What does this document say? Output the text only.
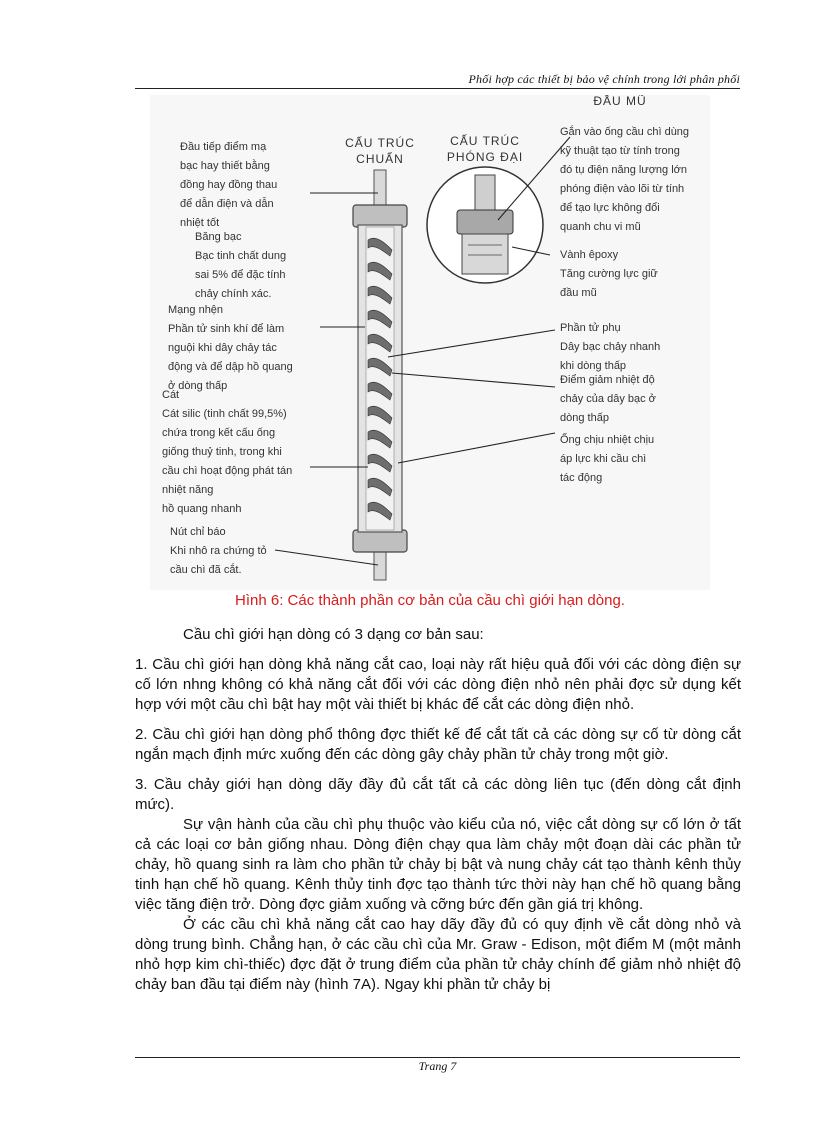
Phối hợp các thiết bị bảo vệ chính trong lới phân phối
CẤU TRÚC
CHUẨN
CẤU TRÚC
PHÓNG ĐẠI
ĐẦU MŨ
Đầu tiếp điểm mạ
bạc hay thiết bằng
đồng hay đồng thau
để dẫn điện và dẫn
nhiệt tốt
Băng bạc
Bạc tinh chất dung
sai 5% để đặc tính
chảy chính xác.
Mạng nhện
Phần tử sinh khí để làm
nguội khi dây chảy tác
động và để dập hồ quang
ở dòng thấp
Cát
Cát silic (tinh chất 99,5%)
chứa trong kết cấu ống
giống thuỷ tinh, trong khi
cầu chì hoạt động phát tán
nhiệt năng
hồ quang nhanh
Nút chỉ báo
Khi nhô ra chứng tỏ
cầu chì đã cắt.
Gắn vào ống cầu chì dùng
kỹ thuật tạo từ tính trong
đó tụ điện năng lượng lớn
phóng điện vào lõi từ tính
để tạo lực không đổi
quanh chu vi mũ
Vành êpoxy
Tăng cường lực giữ
đầu mũ
Phần tử phụ
Dây bạc chảy nhanh
khi dòng thấp
Điểm giảm nhiệt độ
chảy của dây bạc ở
dòng thấp
Ống chịu nhiệt chịu
áp lực khi cầu chì
tác động
Hình 6: Các thành phần cơ bản của cầu chì giới hạn dòng.

Cầu chì giới hạn dòng có 3 dạng cơ bản sau:

1. Cầu chì giới hạn dòng khả năng cắt cao, loại này rất hiệu quả đối với các dòng điện sự cố lớn nhng không có khả năng cắt đối với các dòng điện nhỏ nên phải đợc sử dụng kết hợp với một cầu chì bật hay một vài thiết bị khác để cắt các dòng điện nhỏ.

2. Cầu chì giới hạn dòng phổ thông đợc thiết kế để cắt tất cả các dòng sự cố từ dòng cắt ngắn mạch định mức xuống đến các dòng gây chảy phần tử chảy trong một giờ.

3. Cầu chảy giới hạn dòng dãy đầy đủ cắt tất cả các dòng liên tục (đến dòng cắt định mức).

Sự vận hành của cầu chì phụ thuộc vào kiểu của nó, việc cắt dòng sự cố lớn ở tất cả các loại cơ bản giống nhau. Dòng điện chạy qua làm chảy một đoạn dài các phần tử chảy, hồ quang sinh ra làm cho phần tử chảy bị bật và nung chảy cát tạo thành kênh thủy tinh hạn chế hồ quang. Kênh thủy tinh đợc tạo thành tức thời này hạn chế hồ quang bằng việc tăng điện trở. Dòng đợc giảm xuống và cỡng bức đến gần giá trị không.

Ở các cầu chì khả năng cắt cao hay dãy đầy đủ có quy định về cắt dòng nhỏ và dòng trung bình. Chẳng hạn, ở các cầu chì của Mr. Graw - Edison, một điểm M (một mảnh nhỏ hợp kim chì-thiếc) đợc đặt ở trung điểm của phần tử chảy chính để giảm nhỏ nhiệt độ chảy ban đầu tại điểm này (hình 7A). Ngay khi phần tử chảy bị

Trang 7
